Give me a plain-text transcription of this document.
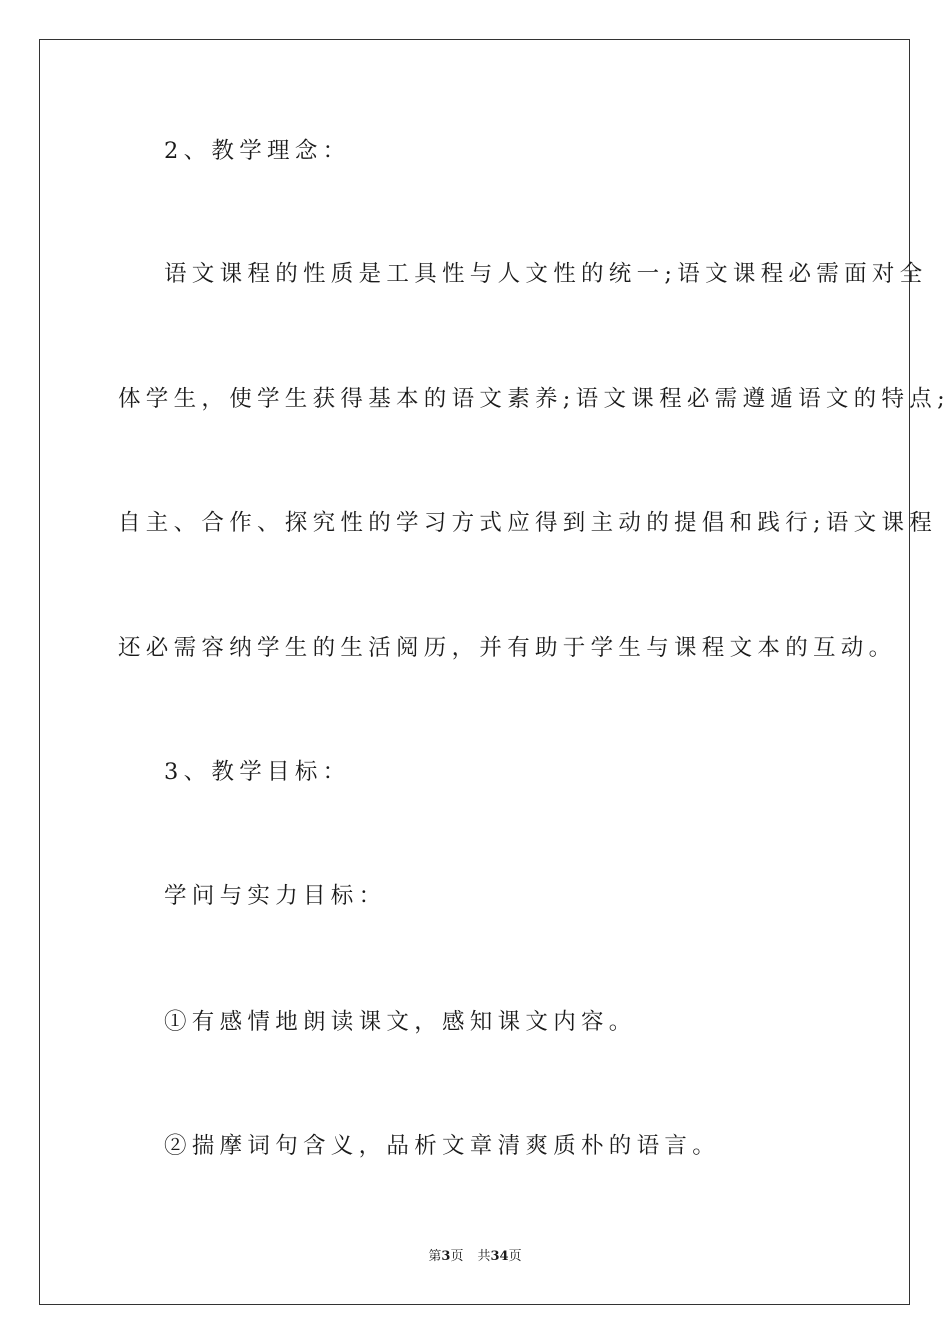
2、教学理念：
语文课程的性质是工具性与人文性的统一;语文课程必需面对全
体学生，使学生获得基本的语文素养;语文课程必需遵遁语文的特点;
自主、合作、探究性的学习方式应得到主动的提倡和践行;语文课程
还必需容纳学生的生活阅历，并有助于学生与课程文本的互动。
3、教学目标：
学问与实力目标：
①有感情地朗读课文，感知课文内容。
②揣摩词句含义，品析文章清爽质朴的语言。
第3页 共34页
